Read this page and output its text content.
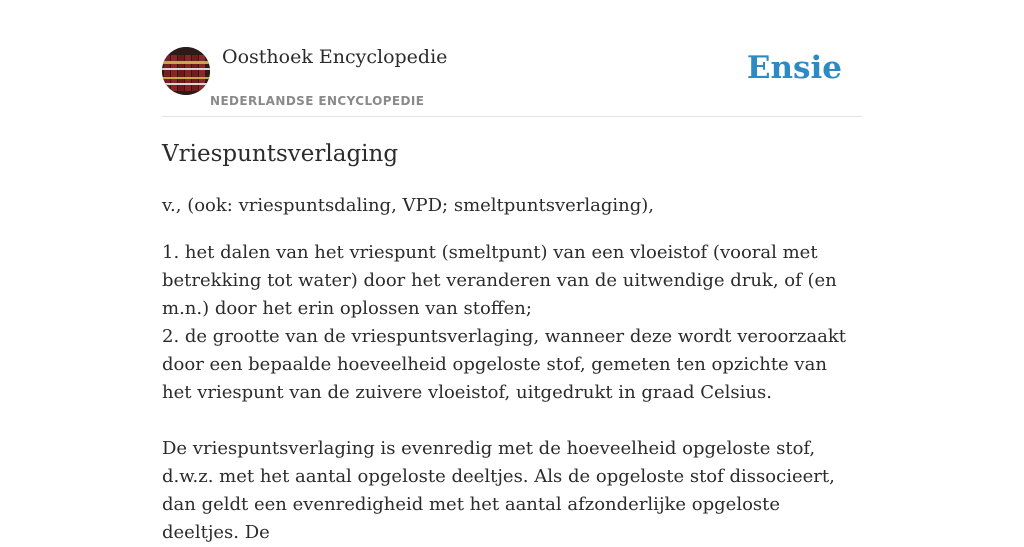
Oosthoek Encyclopedie
NEDERLANDSE ENCYCLOPEDIE
Ensie
Vriespuntsverlaging

v., (ook: vriespuntsdaling, VPD; smeltpuntsverlaging),

1. het dalen van het vriespunt (smeltpunt) van een vloeistof (vooral met betrekking tot water) door het veranderen van de uitwendige druk, of (en m.n.) door het erin oplossen van stoffen;
2. de grootte van de vriespuntsverlaging, wanneer deze wordt veroorzaakt door een bepaalde hoeveelheid opgeloste stof, gemeten ten opzichte van het vriespunt van de zuivere vloeistof, uitgedrukt in graad Celsius.

De vriespuntsverlaging is evenredig met de hoeveelheid opgeloste stof, d.w.z. met het aantal opgeloste deeltjes. Als de opgeloste stof dissocieert, dan geldt een evenredigheid met het aantal afzonderlijke opgeloste deeltjes. De
